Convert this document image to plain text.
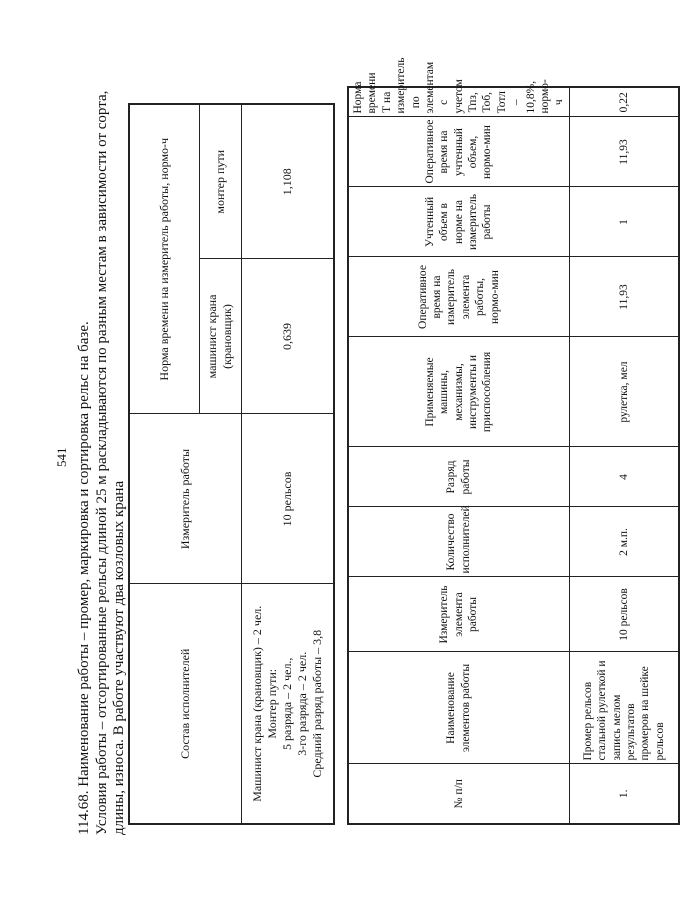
541 114.68. Наименование работы – промер, маркировка и сортировка рельс на базе. Условия работы – отсортированные рельсы длиной 25 м раскладываются по разным местам в зависимости от сорта, длины, износа. В работе участвуют два козловых крана	Состав исполнителей	Измеритель работы	Норма времени на измеритель работы, нормо-ч	
		машинист крана (крановщик)	монтер пути
Машинист крана (крановщик) – 2 чел.
Монтер пути:
5 разряда – 2 чел.,
3-го разряда – 2 чел.
Средний разряд работы – 3,8	10 рельсов	0,639	1,108
№ п/п	Наименование элементов работы	Измеритель элемента работы	Количество исполнителей	Разряд работы	Применяемые машины, механизмы, инструменты и приспособления	Оперативное время на измеритель элемента работы, нормо-мин	Учтенный объем в норме на измеритель работы	Оперативное время на учтенный объем, нормо-мин	Норма времени Т на измеритель по элементам с учетом Тпз, Тоб, Тотл – 10,8%, нормо-ч
1.	Промер рельсов стальной рулеткой и запись мелом результатов промеров на шейке рельсов	10 рельсов	2 м.п.	4	рулетка, мел	11,93	1	11,93	0,22
